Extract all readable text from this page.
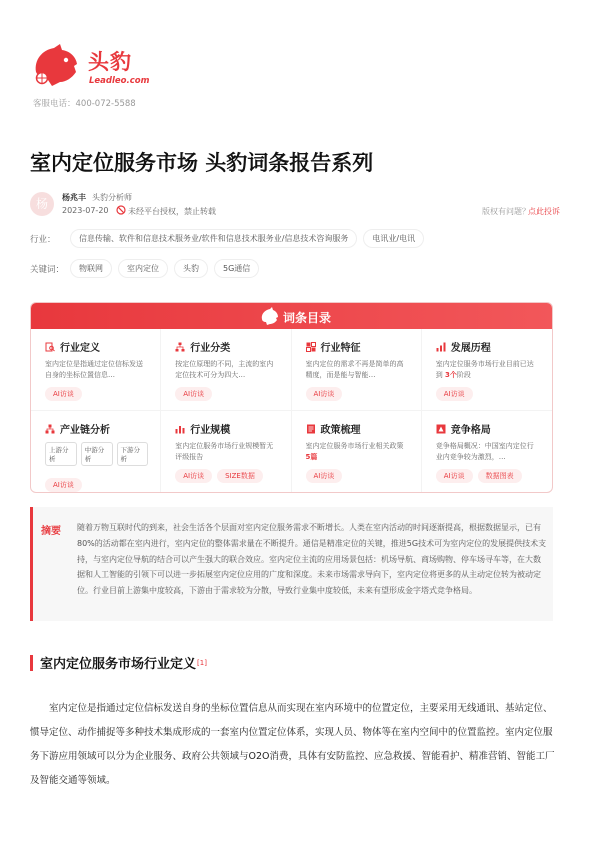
头豹
Leadleo.com
客服电话：400-072-5588
室内定位服务市场 头豹词条报告系列
杨	杨兆丰 头豹分析师
2023-07-20 未经平台授权，禁止转载	版权有问题？
点此投诉
行业：	信息传输、软件和信息技术服务业/软件和信息技术服务业/信息技术咨询服务	电讯业/电讯
关键词：	物联网	室内定位	头豹	5G通信
词条目录
行业定义
室内定位是指通过定位信标发送自身的坐标位置信息…
AI访谈
行业分类
按定位原理的不同，主流的室内定位技术可分为四大…
AI访谈
行业特征
室内定位的需求不再是简单的高精度，而是能与智能…
AI访谈
发展历程
室内定位服务市场行业目前已达到 3个阶段
AI访谈
产业链分析
上游分析
中游分析
下游分析
AI访谈
行业规模
室内定位服务市场行业规模暂无评级报告
AI访谈	SIZE数据
政策梳理
室内定位服务市场行业相关政策 5篇
AI访谈
竞争格局
竞争格局概况：中国室内定位行业内竞争较为激烈，…
AI访谈	数据图表
摘要 随着万物互联时代的到来，社会生活各个层面对室内定位服务需求不断增长。人类在室内活动的时间逐渐提高，根据数据显示，已有80%的活动都在室内进行，室内定位的整体需求量在不断提升。通信是精准定位的关键，推进5G技术可为室内定位的发展提供技术支持，与室内定位导航的结合可以产生强大的联合效应。室内定位主流的应用场景包括：机场导航、商场购物、停车场寻车等，在大数据和人工智能的引领下可以进一步拓展室内定位应用的广度和深度。未来市场需求导向下，室内定位将更多的从主动定位转为被动定位。行业目前上游集中度较高，下游由于需求较为分散，导致行业集中度较低，未来有望形成金字塔式竞争格局。
室内定位服务市场行业定义 [1]
室内定位是指通过定位信标发送自身的坐标位置信息从而实现在室内环境中的位置定位，主要采用无线通讯、基站定位、惯导定位、动作捕捉等多种技术集成形成的一套室内位置定位体系，实现人员、物体等在室内空间中的位置监控。室内定位服务下游应用领域可以分为企业服务、政府公共领域与O2O消费，具体有安防监控、应急救援、智能看护、精准营销、智能工厂及智能交通等领域。
